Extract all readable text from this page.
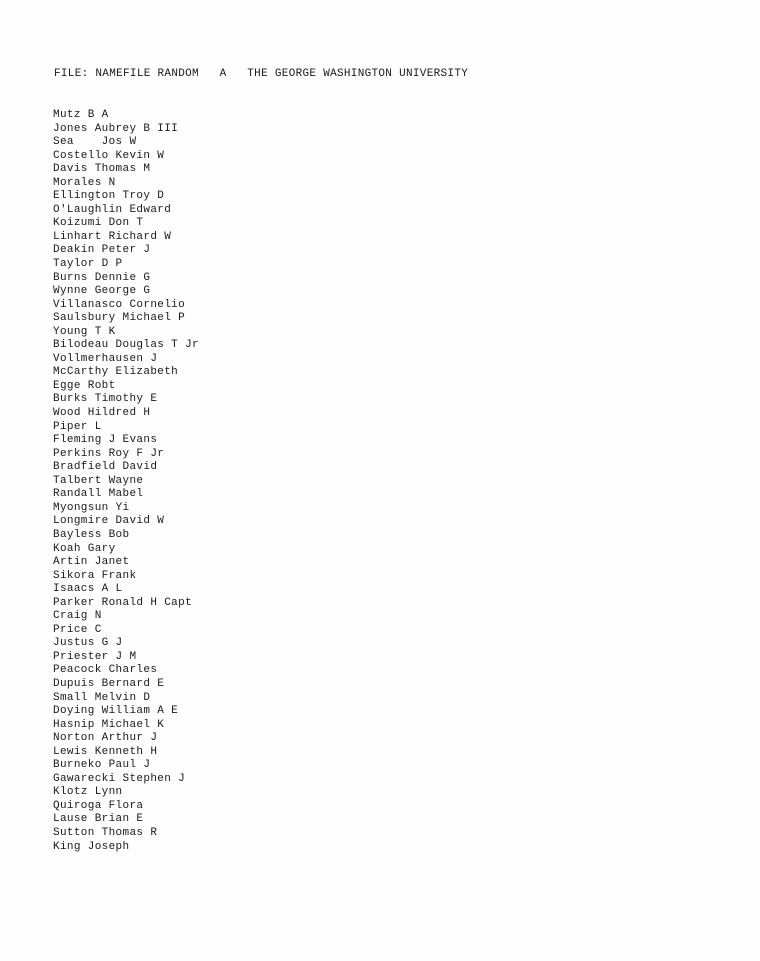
FILE: NAMEFILE RANDOM A THE GEORGE WASHINGTON UNIVERSITY
Mutz B A
Jones Aubrey B III
Sea    Jos W
Costello Kevin W
Davis Thomas M
Morales N
Ellington Troy D
O'Laughlin Edward
Koizumi Don T
Linhart Richard W
Deakin Peter J
Taylor D P
Burns Dennie G
Wynne George G
Villanasco Cornelio
Saulsbury Michael P
Young T K
Bilodeau Douglas T Jr
Vollmerhausen J
McCarthy Elizabeth
Egge Robt
Burks Timothy E
Wood Hildred H
Piper L
Fleming J Evans
Perkins Roy F Jr
Bradfield David
Talbert Wayne
Randall Mabel
Myongsun Yi
Longmire David W
Bayless Bob
Koah Gary
Artin Janet
Sikora Frank
Isaacs A L
Parker Ronald H Capt
Craig N
Price C
Justus G J
Priester J M
Peacock Charles
Dupuis Bernard E
Small Melvin D
Doying William A E
Hasnip Michael K
Norton Arthur J
Lewis Kenneth H
Burneko Paul J
Gawarecki Stephen J
Klotz Lynn
Quiroga Flora
Lause Brian E
Sutton Thomas R
King Joseph
